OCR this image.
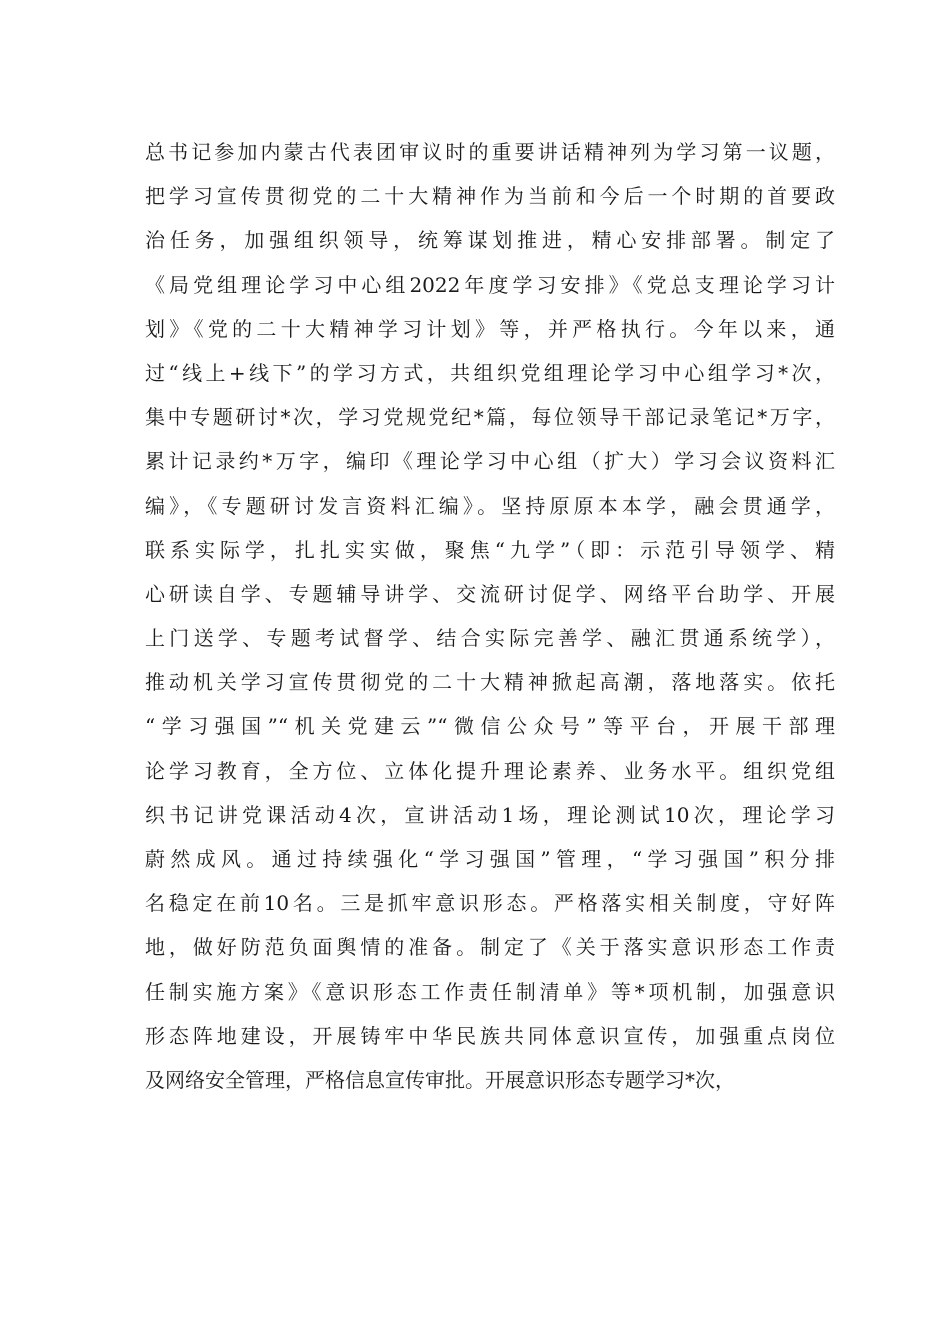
总书记参加内蒙古代表团审议时的重要讲话精神列为学习第一议题，
把学习宣传贯彻党的二十大精神作为当前和今后一个时期的首要政
治任务，加强组织领导，统筹谋划推进，精心安排部署。制定了
《局党组理论学习中心组2022年度学习安排》《党总支理论学习计
划》《党的二十大精神学习计划》等，并严格执行。今年以来，通
过“线上+线下”的学习方式，共组织党组理论学习中心组学习*次，
集中专题研讨*次，学习党规党纪*篇，每位领导干部记录笔记*万字，
累计记录约*万字，编印《理论学习中心组（扩大）学习会议资料汇
编》，《专题研讨发言资料汇编》。坚持原原本本学，融会贯通学，
联系实际学，扎扎实实做，聚焦“九学”（即：示范引导领学、精
心研读自学、专题辅导讲学、交流研讨促学、网络平台助学、开展
上门送学、专题考试督学、结合实际完善学、融汇贯通系统学），
推动机关学习宣传贯彻党的二十大精神掀起高潮，落地落实。依托
“学习强国”“机关党建云”“微信公众号”等平台，开展干部理
论学习教育，全方位、立体化提升理论素养、业务水平。组织党组
织书记讲党课活动4次，宣讲活动1场，理论测试10次，理论学习
蔚然成风。通过持续强化“学习强国”管理，“学习强国”积分排
名稳定在前10名。三是抓牢意识形态。严格落实相关制度，守好阵
地，做好防范负面舆情的准备。制定了《关于落实意识形态工作责
任制实施方案》《意识形态工作责任制清单》等*项机制，加强意识
形态阵地建设，开展铸牢中华民族共同体意识宣传，加强重点岗位
及网络安全管理，严格信息宣传审批。开展意识形态专题学习*次，
